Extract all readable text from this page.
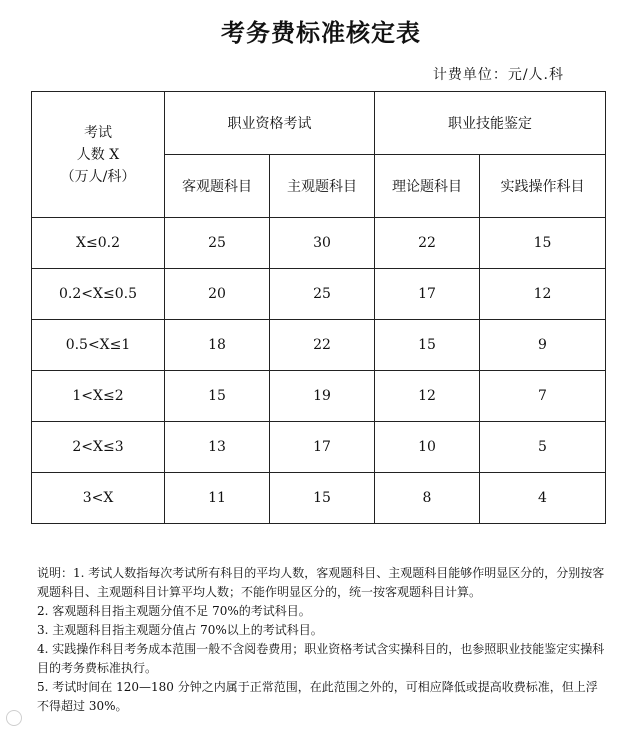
考务费标准核定表
计费单位：元/人.科
考试
人数 X
（万人/科）	职业资格考试		职业技能鉴定	
	客观题科目	主观题科目	理论题科目	实践操作科目
X≤0.2	25	30	22	15
0.2<X≤0.5	20	25	17	12
0.5<X≤1	18	22	15	9
1<X≤2	15	19	12	7
2<X≤3	13	17	10	5
3<X	11	15	8	4

说明：1. 考试人数指每次考试所有科目的平均人数，客观题科目、主观题科目能够作明显区分的，分别按客观题科目、主观题科目计算平均人数；不能作明显区分的，统一按客观题科目计算。

2. 客观题科目指主观题分值不足 70%的考试科目。

3. 主观题科目指主观题分值占 70%以上的考试科目。

4. 实践操作科目考务成本范围一般不含阅卷费用；职业资格考试含实操科目的，也参照职业技能鉴定实操科目的考务费标准执行。

5. 考试时间在 120—180 分钟之内属于正常范围，在此范围之外的，可相应降低或提高收费标准，但上浮不得超过 30%。
